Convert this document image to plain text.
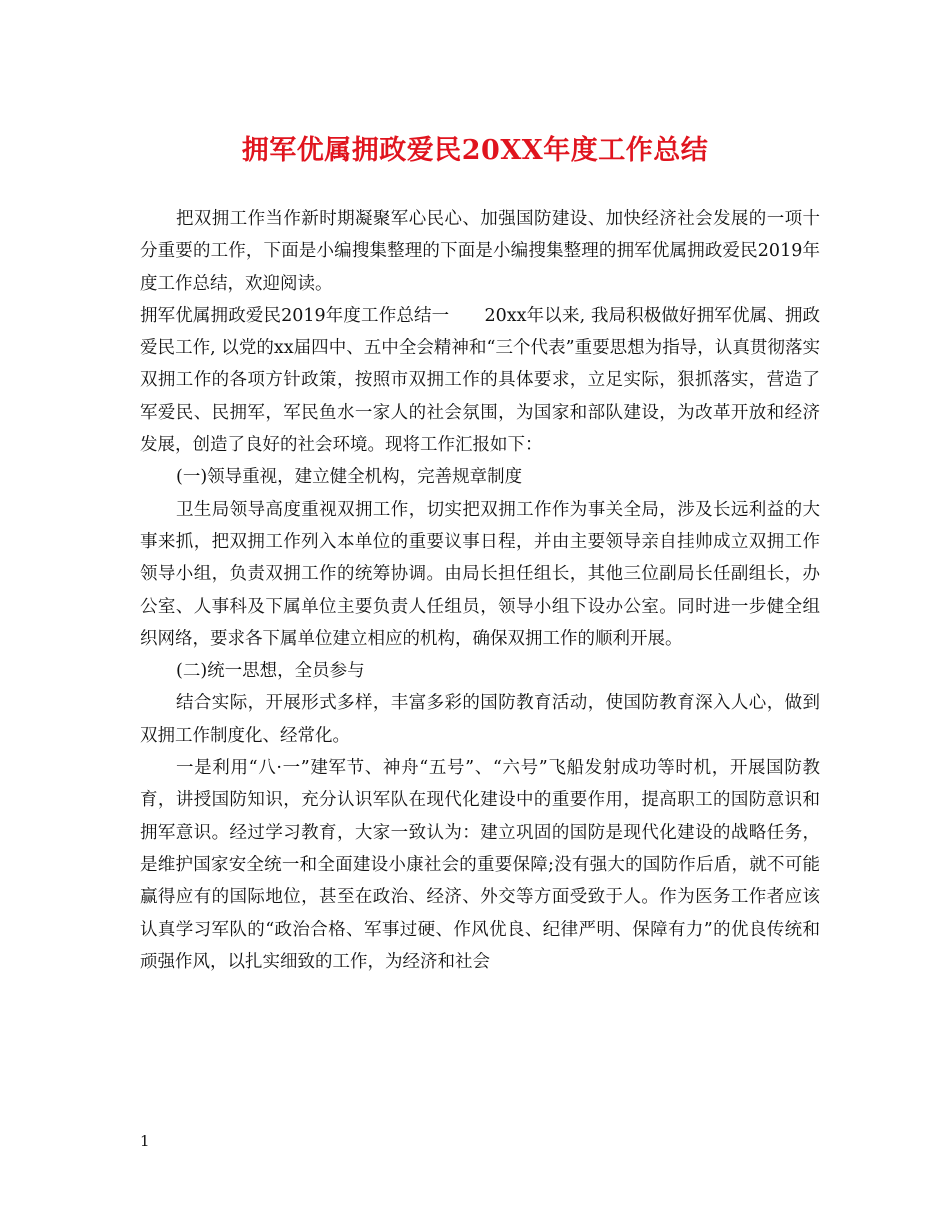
拥军优属拥政爱民20XX年度工作总结

把双拥工作当作新时期凝聚军心民心、加强国防建设、加快经济社会发展的一项十分重要的工作，下面是小编搜集整理的下面是小编搜集整理的拥军优属拥政爱民2019年度工作总结，欢迎阅读。

拥军优属拥政爱民2019年度工作总结一　　20xx年以来, 我局积极做好拥军优属、拥政爱民工作, 以党的xx届四中、五中全会精神和“三个代表”重要思想为指导，认真贯彻落实双拥工作的各项方针政策，按照市双拥工作的具体要求，立足实际，狠抓落实，营造了军爱民、民拥军，军民鱼水一家人的社会氛围，为国家和部队建设，为改革开放和经济发展，创造了良好的社会环境。现将工作汇报如下：

(一)领导重视，建立健全机构，完善规章制度

卫生局领导高度重视双拥工作，切实把双拥工作作为事关全局，涉及长远利益的大事来抓，把双拥工作列入本单位的重要议事日程，并由主要领导亲自挂帅成立双拥工作领导小组，负责双拥工作的统筹协调。由局长担任组长，其他三位副局长任副组长，办公室、人事科及下属单位主要负责人任组员，领导小组下设办公室。同时进一步健全组织网络，要求各下属单位建立相应的机构，确保双拥工作的顺利开展。

(二)统一思想，全员参与

结合实际，开展形式多样，丰富多彩的国防教育活动，使国防教育深入人心，做到双拥工作制度化、经常化。

一是利用“八·一”建军节、神舟“五号”、“六号”飞船发射成功等时机，开展国防教育，讲授国防知识，充分认识军队在现代化建设中的重要作用，提高职工的国防意识和拥军意识。经过学习教育，大家一致认为：建立巩固的国防是现代化建设的战略任务，是维护国家安全统一和全面建设小康社会的重要保障;没有强大的国防作后盾，就不可能赢得应有的国际地位，甚至在政治、经济、外交等方面受致于人。作为医务工作者应该认真学习军队的“政治合格、军事过硬、作风优良、纪律严明、保障有力”的优良传统和顽强作风，以扎实细致的工作，为经济和社会

1
